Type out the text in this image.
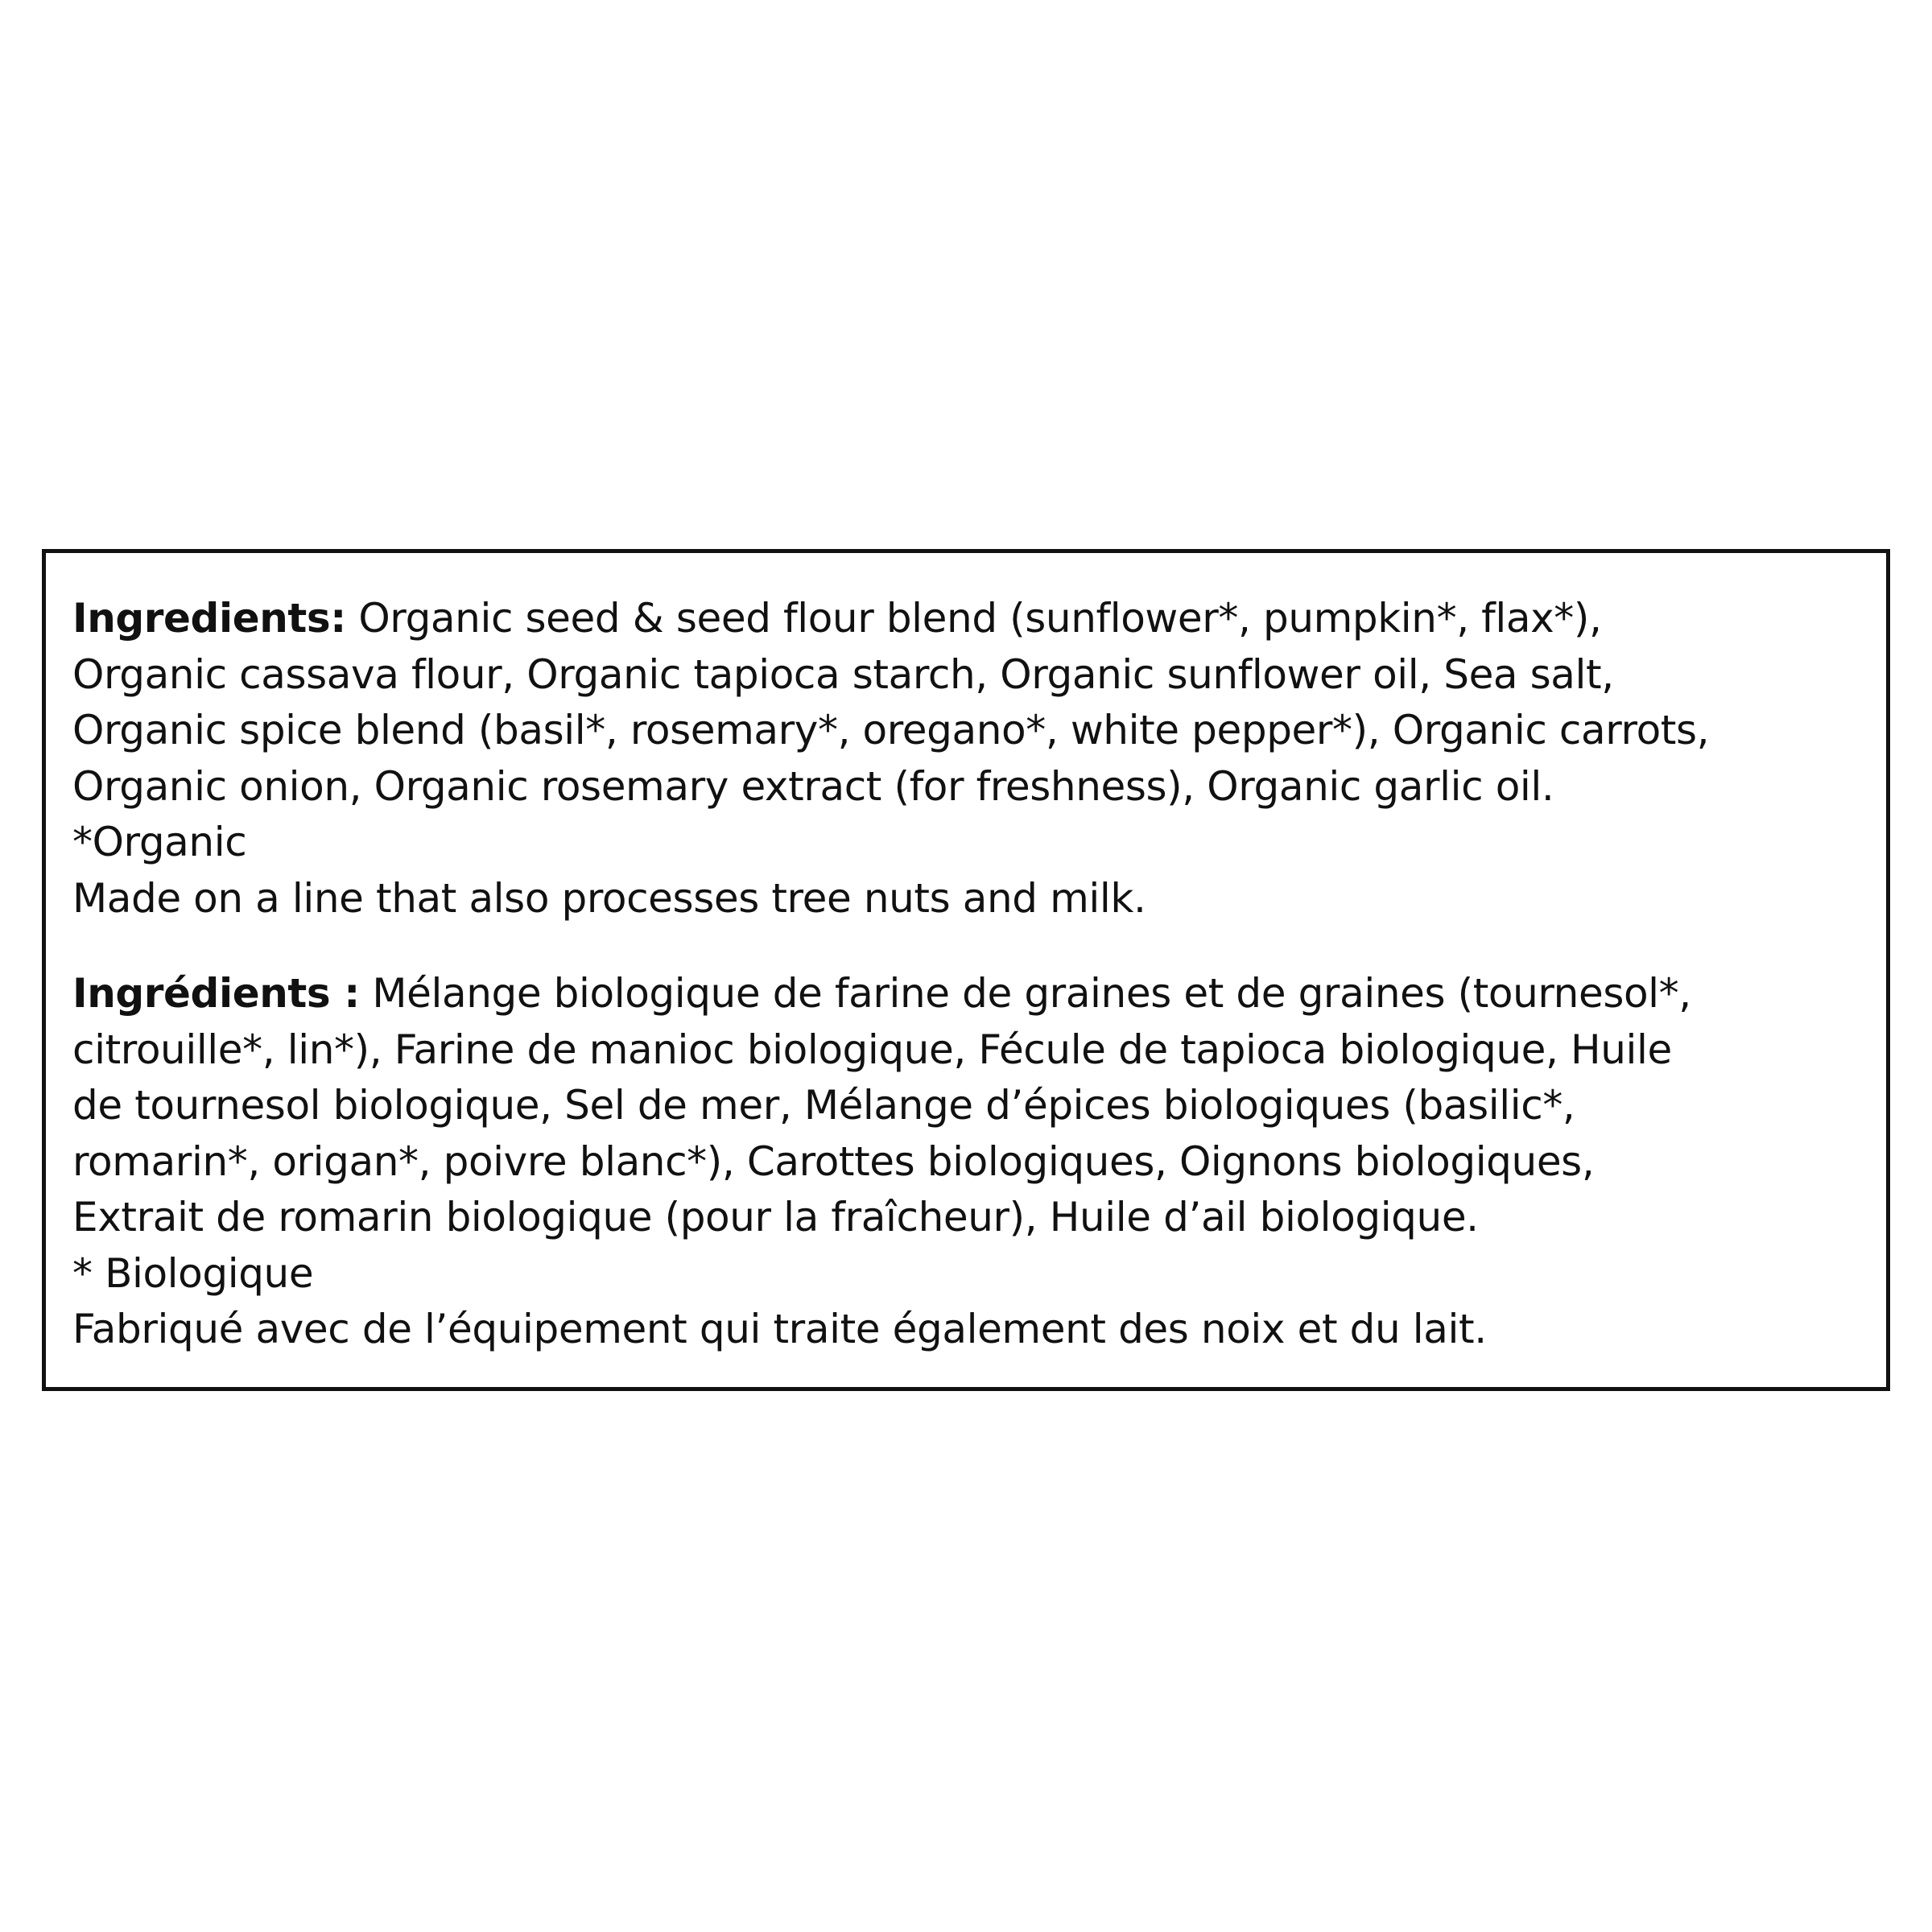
Ingredients: Organic seed & seed flour blend (sunflower*, pumpkin*, flax*),
Organic cassava flour, Organic tapioca starch, Organic sunflower oil, Sea salt,
Organic spice blend (basil*, rosemary*, oregano*, white pepper*), Organic carrots,
Organic onion, Organic rosemary extract (for freshness), Organic garlic oil.
*Organic
Made on a line that also processes tree nuts and milk.
Ingrédients : Mélange biologique de farine de graines et de graines (tournesol*,
citrouille*, lin*), Farine de manioc biologique, Fécule de tapioca biologique, Huile
de tournesol biologique, Sel de mer, Mélange d’épices biologiques (basilic*,
romarin*, origan*, poivre blanc*), Carottes biologiques, Oignons biologiques,
Extrait de romarin biologique (pour la fraîcheur), Huile d’ail biologique.
* Biologique
Fabriqué avec de l’équipement qui traite également des noix et du lait.
